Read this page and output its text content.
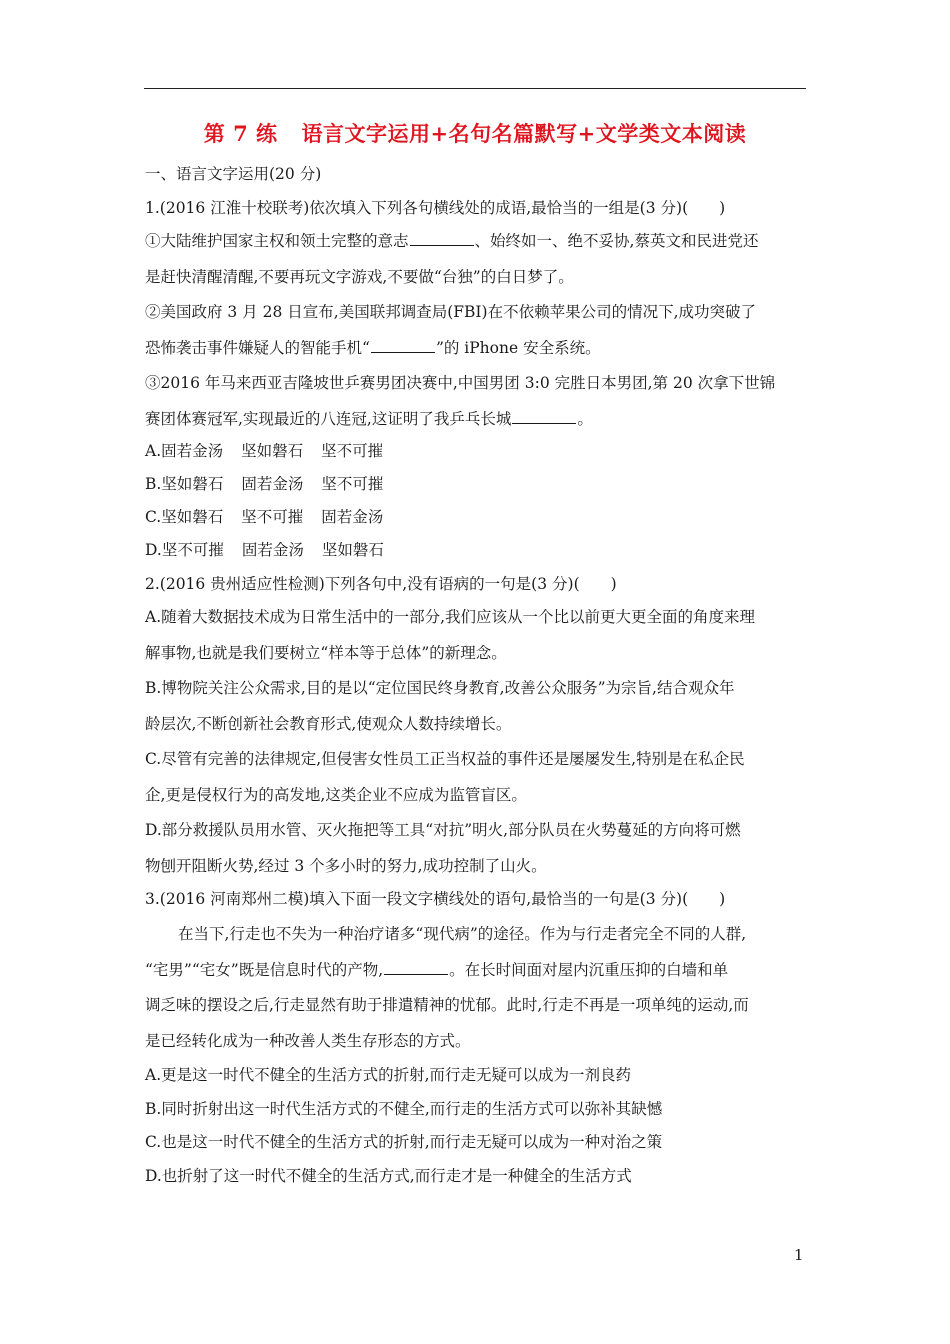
第 7 练 语言文字运用+名句名篇默写+文学类文本阅读
一、语言文字运用(20 分)
1.(2016 江淮十校联考)依次填入下列各句横线处的成语,最恰当的一组是(3 分)(　　)
①大陆维护国家主权和领土完整的意志	、始终如一、绝不妥协,蔡英文和民进党还
是赶快清醒清醒,不要再玩文字游戏,不要做“台独”的白日梦了。
②美国政府 3 月 28 日宣布,美国联邦调查局(FBI)在不依赖苹果公司的情况下,成功突破了
恐怖袭击事件嫌疑人的智能手机“	”的 iPhone 安全系统。
③2016 年马来西亚吉隆坡世乒赛男团决赛中,中国男团 3:0 完胜日本男团,第 20 次拿下世锦
赛团体赛冠军,实现最近的八连冠,这证明了我乒乓长城	。
A.固若金汤 坚如磐石 坚不可摧
B.坚如磐石 固若金汤 坚不可摧
C.坚如磐石 坚不可摧 固若金汤
D.坚不可摧 固若金汤 坚如磐石
2.(2016 贵州适应性检测)下列各句中,没有语病的一句是(3 分)(　　)
A.随着大数据技术成为日常生活中的一部分,我们应该从一个比以前更大更全面的角度来理
解事物,也就是我们要树立“样本等于总体”的新理念。
B.博物院关注公众需求,目的是以“定位国民终身教育,改善公众服务”为宗旨,结合观众年
龄层次,不断创新社会教育形式,使观众人数持续增长。
C.尽管有完善的法律规定,但侵害女性员工正当权益的事件还是屡屡发生,特别是在私企民
企,更是侵权行为的高发地,这类企业不应成为监管盲区。
D.部分救援队员用水管、灭火拖把等工具“对抗”明火,部分队员在火势蔓延的方向将可燃
物刨开阻断火势,经过 3 个多小时的努力,成功控制了山火。
3.(2016 河南郑州二模)填入下面一段文字横线处的语句,最恰当的一句是(3 分)(　　)
在当下,行走也不失为一种治疗诸多“现代病”的途径。作为与行走者完全不同的人群,
“宅男”“宅女”既是信息时代的产物,	。在长时间面对屋内沉重压抑的白墙和单
调乏味的摆设之后,行走显然有助于排遣精神的忧郁。此时,行走不再是一项单纯的运动,而
是已经转化成为一种改善人类生存形态的方式。
A.更是这一时代不健全的生活方式的折射,而行走无疑可以成为一剂良药
B.同时折射出这一时代生活方式的不健全,而行走的生活方式可以弥补其缺憾
C.也是这一时代不健全的生活方式的折射,而行走无疑可以成为一种对治之策
D.也折射了这一时代不健全的生活方式,而行走才是一种健全的生活方式
1
